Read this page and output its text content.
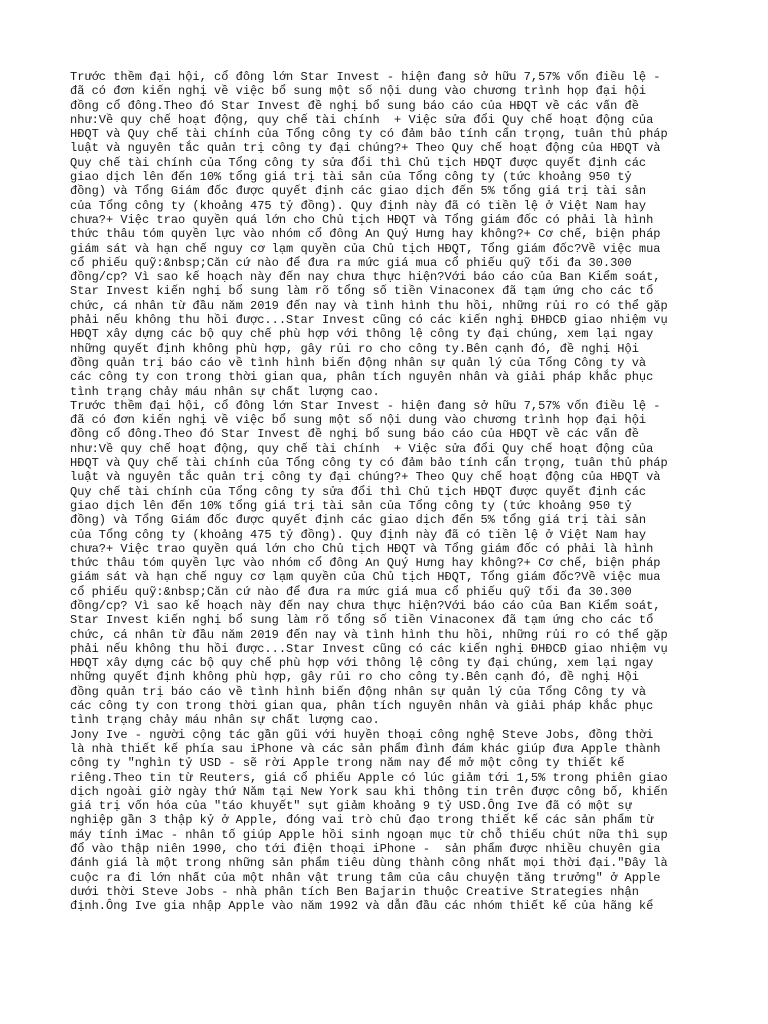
Trước thềm đại hội, cổ đông lớn Star Invest - hiện đang sở hữu 7,57% vốn điều lệ -
đã có đơn kiến nghị về việc bổ sung một số nội dung vào chương trình họp đại hội
đồng cổ đông.Theo đó Star Invest đề nghị bổ sung báo cáo của HĐQT về các vấn đề
như:Về quy chế hoạt động, quy chế tài chính  + Việc sửa đổi Quy chế hoạt động của
HĐQT và Quy chế tài chính của Tổng công ty có đảm bảo tính cẩn trọng, tuân thủ pháp
luật và nguyên tắc quản trị công ty đại chúng?+ Theo Quy chế hoạt động của HĐQT và
Quy chế tài chính của Tổng công ty sửa đổi thì Chủ tịch HĐQT được quyết định các
giao dịch lên đến 10% tổng giá trị tài sản của Tổng công ty (tức khoảng 950 tỷ
đồng) và Tổng Giám đốc được quyết định các giao dịch đến 5% tổng giá trị tài sản
của Tổng công ty (khoảng 475 tỷ đồng). Quy định này đã có tiền lệ ở Việt Nam hay
chưa?+ Việc trao quyền quá lớn cho Chủ tịch HĐQT và Tổng giám đốc có phải là hình
thức thâu tóm quyền lực vào nhóm cổ đông An Quý Hưng hay không?+ Cơ chế, biện pháp
giám sát và hạn chế nguy cơ lạm quyền của Chủ tịch HĐQT, Tổng giám đốc?Về việc mua
cổ phiếu quỹ:&nbsp;Căn cứ nào để đưa ra mức giá mua cổ phiếu quỹ tối đa 30.300
đồng/cp? Vì sao kế hoạch này đến nay chưa thực hiện?Với báo cáo của Ban Kiểm soát,
Star Invest kiến nghị bổ sung làm rõ tổng số tiền Vinaconex đã tạm ứng cho các tổ
chức, cá nhân từ đầu năm 2019 đến nay và tình hình thu hồi, những rủi ro có thể gặp
phải nếu không thu hồi được...Star Invest cũng có các kiến nghị ĐHĐCĐ giao nhiệm vụ
HĐQT xây dựng các bộ quy chế phù hợp với thông lệ công ty đại chúng, xem lại ngay
những quyết định không phù hợp, gây rủi ro cho công ty.Bên cạnh đó, đề nghị Hội
đồng quản trị báo cáo về tình hình biến động nhân sự quản lý của Tổng Công ty và
các công ty con trong thời gian qua, phân tích nguyên nhân và giải pháp khắc phục
tình trạng chảy máu nhân sự chất lượng cao.

Trước thềm đại hội, cổ đông lớn Star Invest - hiện đang sở hữu 7,57% vốn điều lệ -
đã có đơn kiến nghị về việc bổ sung một số nội dung vào chương trình họp đại hội
đồng cổ đông.Theo đó Star Invest đề nghị bổ sung báo cáo của HĐQT về các vấn đề
như:Về quy chế hoạt động, quy chế tài chính  + Việc sửa đổi Quy chế hoạt động của
HĐQT và Quy chế tài chính của Tổng công ty có đảm bảo tính cẩn trọng, tuân thủ pháp
luật và nguyên tắc quản trị công ty đại chúng?+ Theo Quy chế hoạt động của HĐQT và
Quy chế tài chính của Tổng công ty sửa đổi thì Chủ tịch HĐQT được quyết định các
giao dịch lên đến 10% tổng giá trị tài sản của Tổng công ty (tức khoảng 950 tỷ
đồng) và Tổng Giám đốc được quyết định các giao dịch đến 5% tổng giá trị tài sản
của Tổng công ty (khoảng 475 tỷ đồng). Quy định này đã có tiền lệ ở Việt Nam hay
chưa?+ Việc trao quyền quá lớn cho Chủ tịch HĐQT và Tổng giám đốc có phải là hình
thức thâu tóm quyền lực vào nhóm cổ đông An Quý Hưng hay không?+ Cơ chế, biện pháp
giám sát và hạn chế nguy cơ lạm quyền của Chủ tịch HĐQT, Tổng giám đốc?Về việc mua
cổ phiếu quỹ:&nbsp;Căn cứ nào để đưa ra mức giá mua cổ phiếu quỹ tối đa 30.300
đồng/cp? Vì sao kế hoạch này đến nay chưa thực hiện?Với báo cáo của Ban Kiểm soát,
Star Invest kiến nghị bổ sung làm rõ tổng số tiền Vinaconex đã tạm ứng cho các tổ
chức, cá nhân từ đầu năm 2019 đến nay và tình hình thu hồi, những rủi ro có thể gặp
phải nếu không thu hồi được...Star Invest cũng có các kiến nghị ĐHĐCĐ giao nhiệm vụ
HĐQT xây dựng các bộ quy chế phù hợp với thông lệ công ty đại chúng, xem lại ngay
những quyết định không phù hợp, gây rủi ro cho công ty.Bên cạnh đó, đề nghị Hội
đồng quản trị báo cáo về tình hình biến động nhân sự quản lý của Tổng Công ty và
các công ty con trong thời gian qua, phân tích nguyên nhân và giải pháp khắc phục
tình trạng chảy máu nhân sự chất lượng cao.

Jony Ive - người cộng tác gần gũi với huyền thoại công nghệ Steve Jobs, đồng thời
là nhà thiết kế phía sau iPhone và các sản phẩm đình đám khác giúp đưa Apple thành
công ty "nghìn tỷ USD - sẽ rời Apple trong năm nay để mở một công ty thiết kế
riêng.Theo tin từ Reuters, giá cổ phiếu Apple có lúc giảm tới 1,5% trong phiên giao
dịch ngoài giờ ngày thứ Năm tại New York sau khi thông tin trên được công bố, khiến
giá trị vốn hóa của "táo khuyết" sụt giảm khoảng 9 tỷ USD.Ông Ive đã có một sự
nghiệp gần 3 thập kỷ ở Apple, đóng vai trò chủ đạo trong thiết kế các sản phẩm từ
máy tính iMac - nhân tố giúp Apple hồi sinh ngoạn mục từ chỗ thiếu chút nữa thì sụp
đổ vào thập niên 1990, cho tới điện thoại iPhone -  sản phẩm được nhiều chuyên gia
đánh giá là một trong những sản phẩm tiêu dùng thành công nhất mọi thời đại."Đây là
cuộc ra đi lớn nhất của một nhân vật trung tâm của câu chuyện tăng trưởng" ở Apple
dưới thời Steve Jobs - nhà phân tích Ben Bajarin thuộc Creative Strategies nhận
định.Ông Ive gia nhập Apple vào năm 1992 và dẫn đầu các nhóm thiết kế của hãng kể
